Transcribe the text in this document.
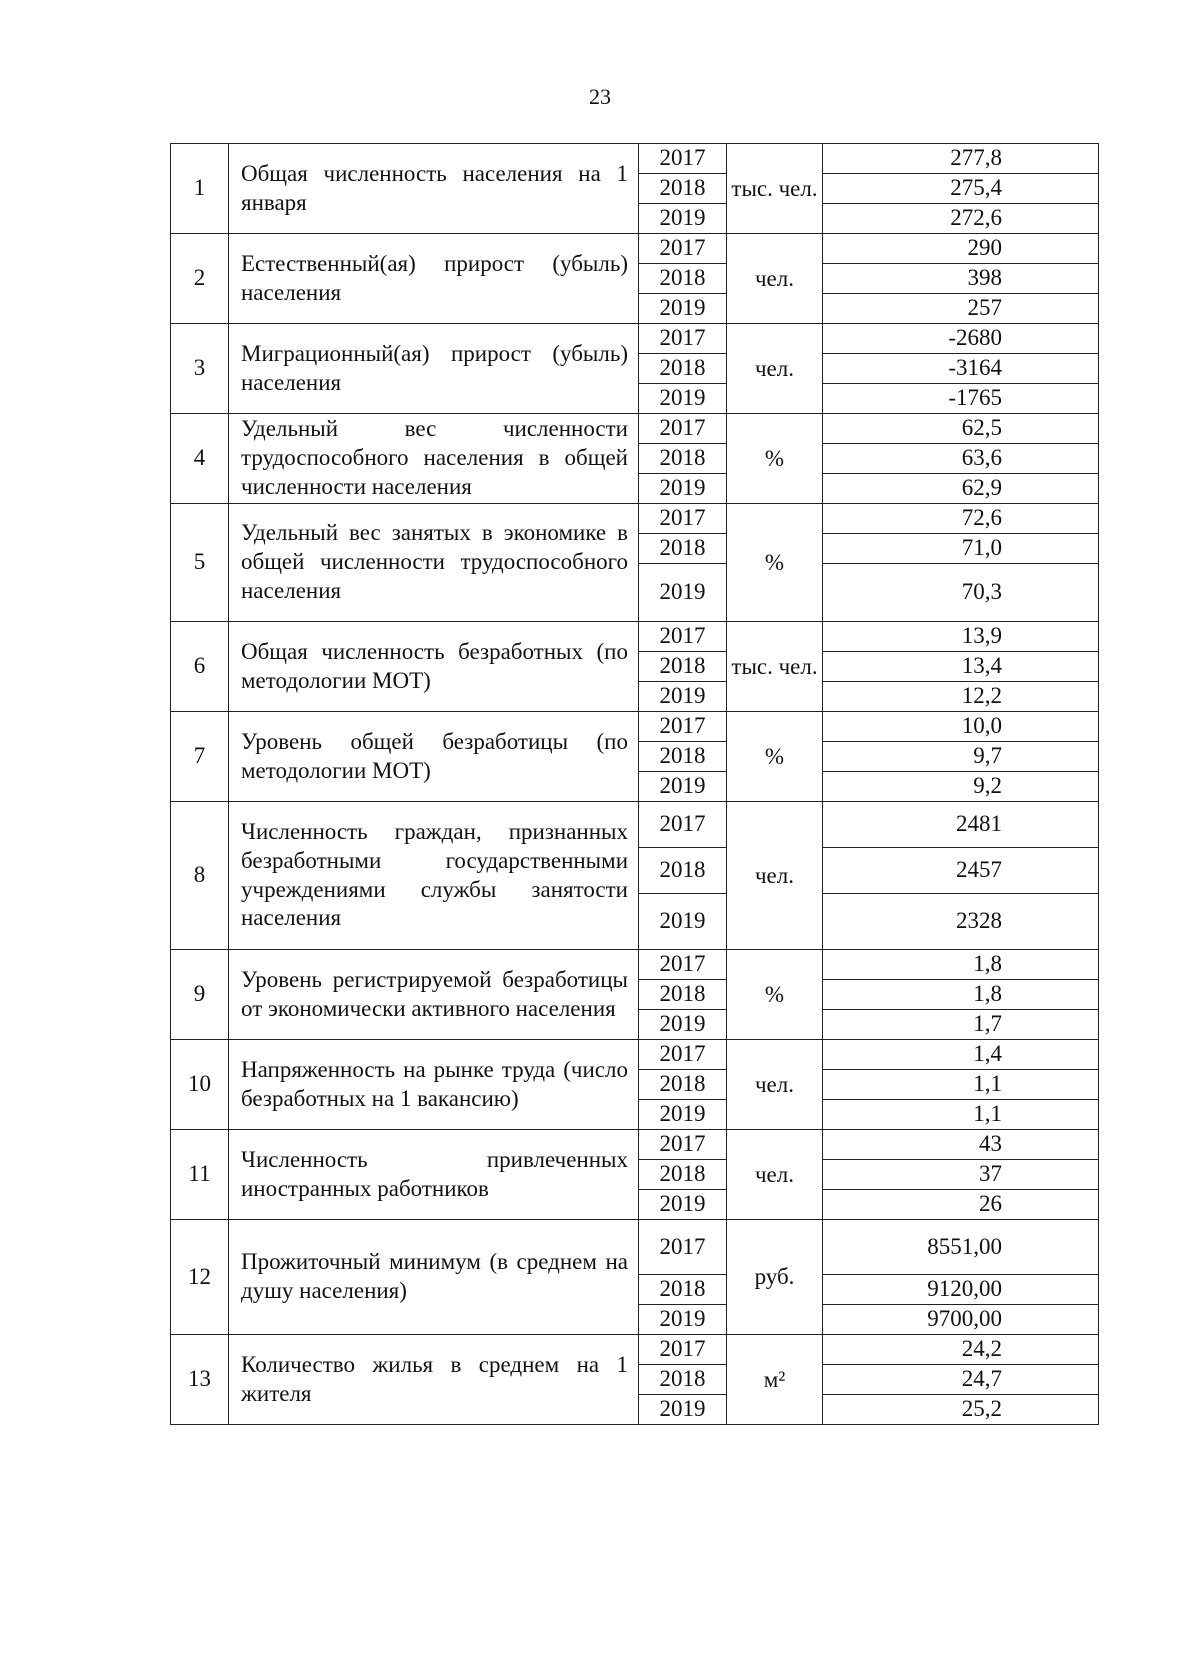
23
1	Общая численность населения на 1 января	2017	тыс. чел.	277,8
		2018		275,4
		2019		272,6
2	Естественный(ая) прирост (убыль) населения	2017	чел.	290
		2018		398
		2019		257
3	Миграционный(ая) прирост (убыль) населения	2017	чел.	-2680
		2018		-3164
		2019		-1765
4	Удельный вес численности трудоспособного населения в общей численности населения	2017	%	62,5
		2018		63,6
		2019		62,9
5	Удельный вес занятых в экономике в общей численности трудоспособного населения	2017	%	72,6
		2018		71,0
		2019		70,3
6	Общая численность безработных (по методологии МОТ)	2017	тыс. чел.	13,9
		2018		13,4
		2019		12,2
7	Уровень общей безработицы (по методологии МОТ)	2017	%	10,0
		2018		9,7
		2019		9,2
8	Численность граждан, признанных безработными государственными учреждениями службы занятости населения	2017	чел.	2481
		2018		2457
		2019		2328
9	Уровень регистрируемой безработицы от экономически активного населения	2017	%	1,8
		2018		1,8
		2019		1,7
10	Напряженность на рынке труда (число безработных на 1 вакансию)	2017	чел.	1,4
		2018		1,1
		2019		1,1
11	Численность привлеченных иностранных работников	2017	чел.	43
		2018		37
		2019		26
12	Прожиточный минимум (в среднем на душу населения)	2017	руб.	8551,00
		2018		9120,00
		2019		9700,00
13	Количество жилья в среднем на 1 жителя	2017	м²	24,2
		2018		24,7
		2019		25,2
